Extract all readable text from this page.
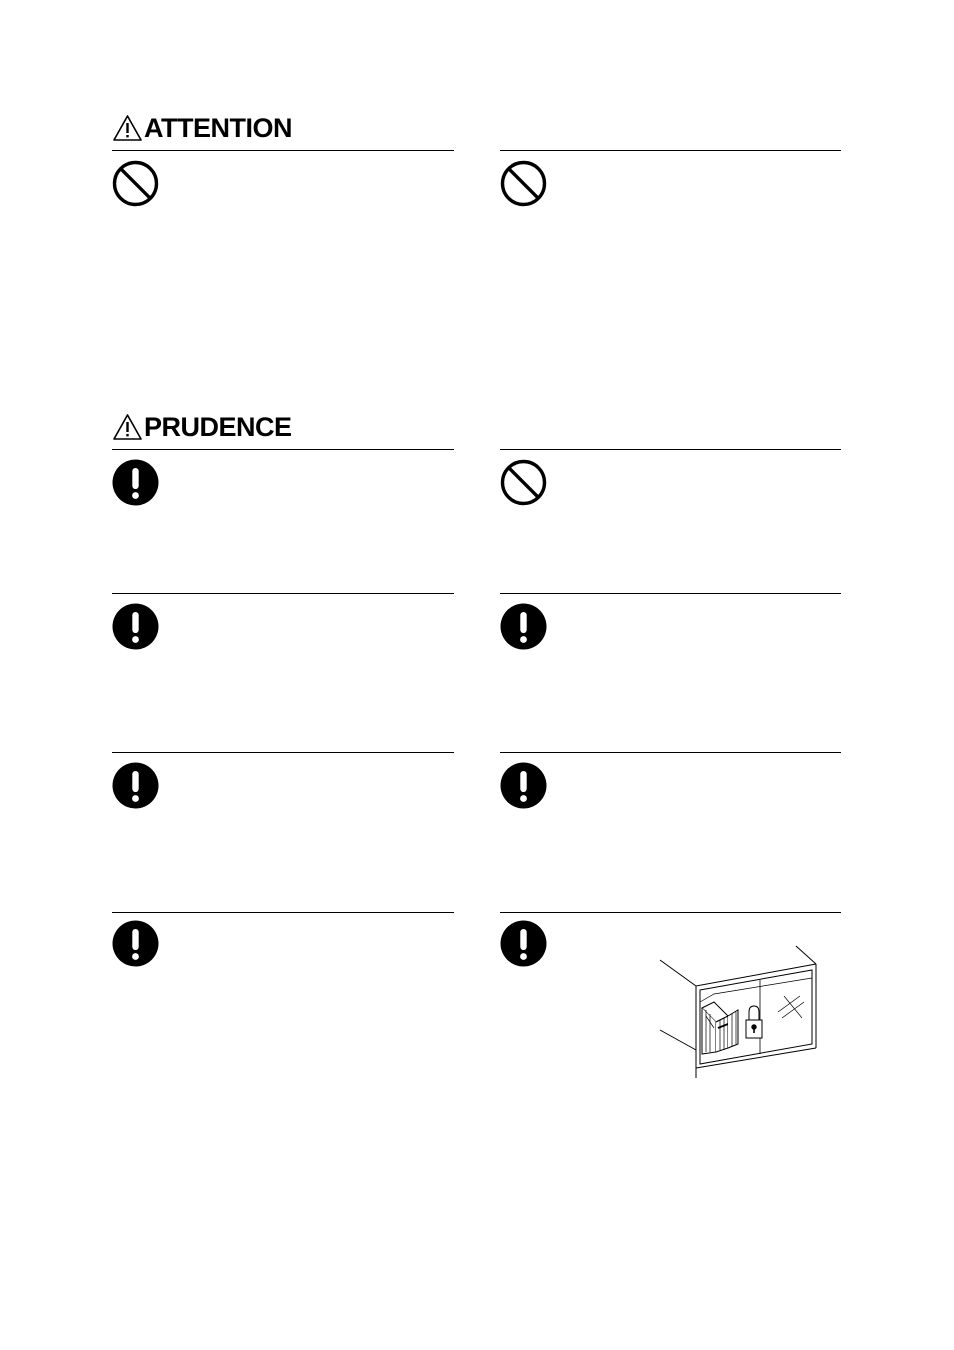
ATTENTION
PRUDENCE
